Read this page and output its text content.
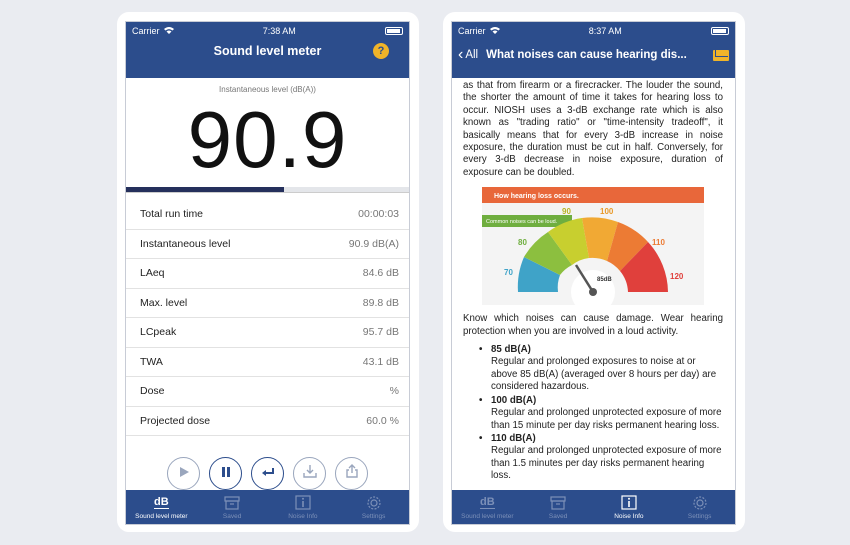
Carrier	7:38 AM
Sound level meter	?
Instantaneous level (dB(A))
90.9
Total run time	00:00:03
Instantaneous level	90.9 dB(A)
LAeq	84.6 dB
Max. level	89.8 dB
LCpeak	95.7 dB
TWA	43.1 dB
Dose	%
Projected dose	60.0 %
dB
Sound level meter	Saved	Noise Info	Settings
Carrier	8:37 AM
‹ All What noises can cause hearing dis...

as that from firearm or a firecracker. The louder the sound, the shorter the amount of time it takes for hearing loss to occur. NIOSH uses a 3-dB exchange rate which is also known as "trading ratio" or "time-intensity tradeoff", it basically means that for every 3-dB increase in noise exposure, the duration must be cut in half. Conversely, for every 3-dB decrease in noise exposure, duration of exposure can be doubled.

How hearing loss occurs.
Common noises can be loud.
70
80
90	100
110
120
85dB

Know which noises can cause damage. Wear hearing protection when you are involved in a loud activity.

• 85 dB(A)
Regular and prolonged exposures to noise at or above 85 dB(A) (averaged over 8 hours per day) are considered hazardous.
• 100 dB(A)
Regular and prolonged unprotected exposure of more than 15 minute per day risks permanent hearing loss.
• 110 dB(A)
Regular and prolonged unprotected exposure of more than 1.5 minutes per day risks permanent hearing loss.
dB
Sound level meter	Saved	Noise Info	Settings
